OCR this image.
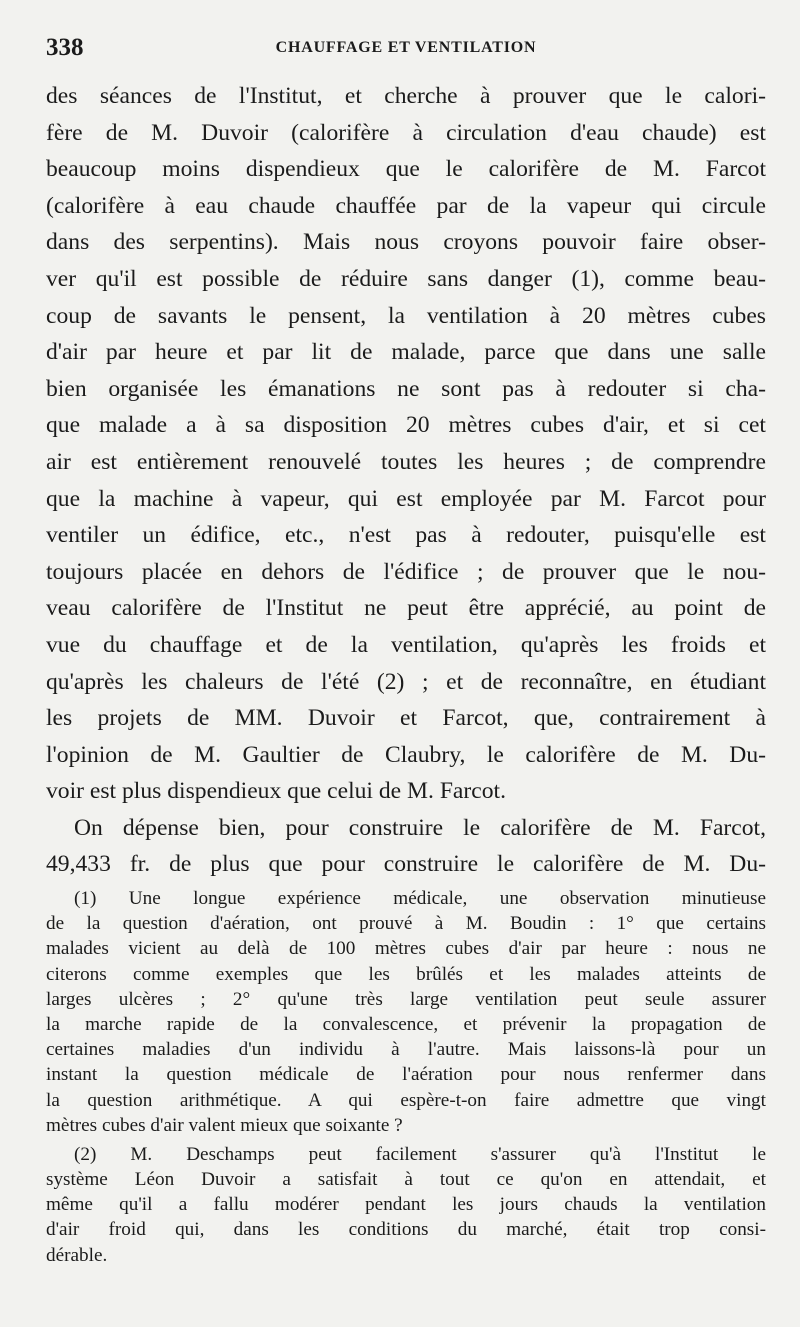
338	CHAUFFAGE ET VENTILATION
des séances de l'Institut, et cherche à prouver que le calori-
fère de M. Duvoir (calorifère à circulation d'eau chaude) est
beaucoup moins dispendieux que le calorifère de M. Farcot
(calorifère à eau chaude chauffée par de la vapeur qui circule
dans des serpentins). Mais nous croyons pouvoir faire obser-
ver qu'il est possible de réduire sans danger (1), comme beau-
coup de savants le pensent, la ventilation à 20 mètres cubes
d'air par heure et par lit de malade, parce que dans une salle
bien organisée les émanations ne sont pas à redouter si cha-
que malade a à sa disposition 20 mètres cubes d'air, et si cet
air est entièrement renouvelé toutes les heures ; de comprendre
que la machine à vapeur, qui est employée par M. Farcot pour
ventiler un édifice, etc., n'est pas à redouter, puisqu'elle est
toujours placée en dehors de l'édifice ; de prouver que le nou-
veau calorifère de l'Institut ne peut être apprécié, au point de
vue du chauffage et de la ventilation, qu'après les froids et
qu'après les chaleurs de l'été (2) ; et de reconnaître, en étudiant
les projets de MM. Duvoir et Farcot, que, contrairement à
l'opinion de M. Gaultier de Claubry, le calorifère de M. Du-
voir est plus dispendieux que celui de M. Farcot.
On dépense bien, pour construire le calorifère de M. Farcot,
49,433 fr. de plus que pour construire le calorifère de M. Du-
(1) Une longue expérience médicale, une observation minutieuse
de la question d'aération, ont prouvé à M. Boudin : 1° que certains
malades vicient au delà de 100 mètres cubes d'air par heure : nous ne
citerons comme exemples que les brûlés et les malades atteints de
larges ulcères ; 2° qu'une très large ventilation peut seule assurer
la marche rapide de la convalescence, et prévenir la propagation de
certaines maladies d'un individu à l'autre. Mais laissons-là pour un
instant la question médicale de l'aération pour nous renfermer dans
la question arithmétique. A qui espère-t-on faire admettre que vingt
mètres cubes d'air valent mieux que soixante ?
(2) M. Deschamps peut facilement s'assurer qu'à l'Institut le
système Léon Duvoir a satisfait à tout ce qu'on en attendait, et
même qu'il a fallu modérer pendant les jours chauds la ventilation
d'air froid qui, dans les conditions du marché, était trop consi-
dérable.
